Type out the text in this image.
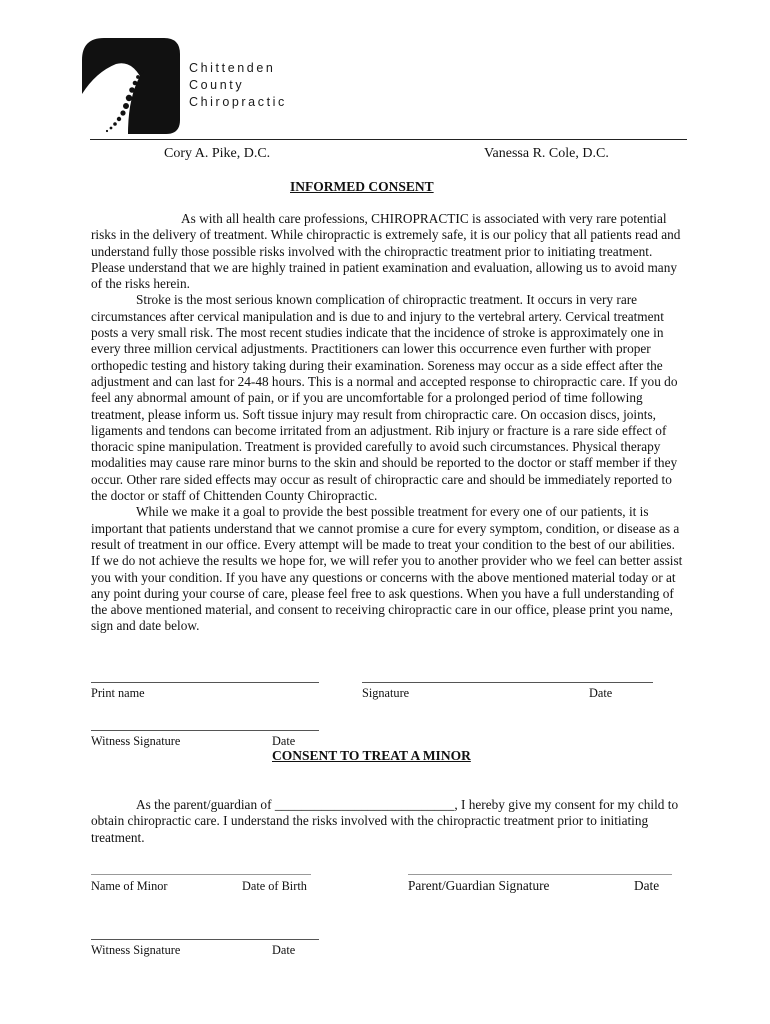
Chittenden
County
Chiropractic
Cory A. Pike, D.C.	Vanessa R. Cole, D.C.
INFORMED CONSENT

As with all health care professions, CHIROPRACTIC is associated with very rare potential risks in the delivery of treatment. While chiropractic is extremely safe, it is our policy that all patients read and understand fully those possible risks involved with the chiropractic treatment prior to initiating treatment. Please understand that we are highly trained in patient examination and evaluation, allowing us to avoid many of the risks herein.

Stroke is the most serious known complication of chiropractic treatment. It occurs in very rare circumstances after cervical manipulation and is due to and injury to the vertebral artery. Cervical treatment posts a very small risk. The most recent studies indicate that the incidence of stroke is approximately one in every three million cervical adjustments. Practitioners can lower this occurrence even further with proper orthopedic testing and history taking during their examination. Soreness may occur as a side effect after the adjustment and can last for 24-48 hours. This is a normal and accepted response to chiropractic care. If you do feel any abnormal amount of pain, or if you are uncomfortable for a prolonged period of time following treatment, please inform us. Soft tissue injury may result from chiropractic care. On occasion discs, joints, ligaments and tendons can become irritated from an adjustment. Rib injury or fracture is a rare side effect of thoracic spine manipulation. Treatment is provided carefully to avoid such circumstances. Physical therapy modalities may cause rare minor burns to the skin and should be reported to the doctor or staff member if they occur. Other rare sided effects may occur as result of chiropractic care and should be immediately reported to the doctor or staff of Chittenden County Chiropractic.

While we make it a goal to provide the best possible treatment for every one of our patients, it is important that patients understand that we cannot promise a cure for every symptom, condition, or disease as a result of treatment in our office. Every attempt will be made to treat your condition to the best of our abilities. If we do not achieve the results we hope for, we will refer you to another provider who we feel can better assist you with your condition. If you have any questions or concerns with the above mentioned material today or at any point during your course of care, please feel free to ask questions. When you have a full understanding of the above mentioned material, and consent to receiving chiropractic care in our office, please print you name, sign and date below.

Print name	Signature	Date
Witness Signature	Date
CONSENT TO TREAT A MINOR

As the parent/guardian of ___________________________, I hereby give my consent for my child to obtain chiropractic care. I understand the risks involved with the chiropractic treatment prior to initiating treatment.

Name of Minor	Date of Birth	Parent/Guardian Signature	Date
Witness Signature	Date
